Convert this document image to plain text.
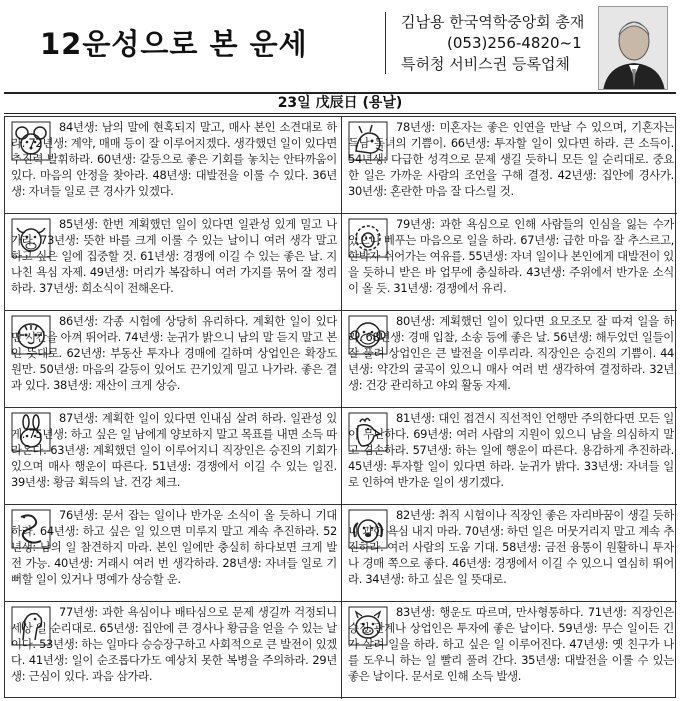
12운성으로 본 운세
김남용 한국역학중앙회 총재
(053)256-4820~1
특허청 서비스권 등록업체
23일 戊辰日 (용날)
84년생: 남의 말에 현혹되지 말고, 매사 본인 소견대로 하라. 72년생: 계약, 매매 등이 잘 이루어지겠다. 생각했던 일이 있다면 추진력 발휘하라. 60년생: 갈등으로 좋은 기회를 놓치는 안타까움이 있다. 마음의 안정을 찾아라. 48년생: 대발전을 이룰 수 있다. 36년생: 자녀들 일로 큰 경사가 있겠다.
78년생: 미혼자는 좋은 인연을 만날 수 있으며, 기혼자는 득남 득녀의 기쁨이. 66년생: 투자할 일이 있다면 하라. 큰 소득이. 54년생: 다급한 성격으로 문제 생길 듯하니 모든 일 순리대로. 중요한 일은 가까운 사람의 조언을 구해 결정. 42년생: 집안에 경사가. 30년생: 혼란한 마음 잘 다스릴 것.
85년생: 한번 계획했던 일이 있다면 일관성 있게 밀고 나가라. 73년생: 뜻한 바를 크게 이룰 수 있는 날이니 여러 생각 말고 하고 싶은 일에 집중할 것. 61년생: 경쟁에 이길 수 있는 좋은 날. 지나친 욕심 자제. 49년생: 머리가 복잡하니 여러 가지를 묶어 잘 정리하라. 37년생: 희소식이 전해온다.
79년생: 과한 욕심으로 인해 사람들의 인심을 잃는 수가 있으니 베푸는 마음으로 일을 하라. 67년생: 급한 마음 잘 추스르고, 한박자 쉬어가는 여유를. 55년생: 자녀 일이나 본인에게 대발전이 있을 듯하니 받은 바 업무에 충실하라. 43년생: 주위에서 반가운 소식이 올 듯. 31년생: 경쟁에서 유리.
86년생: 각종 시험에 상당히 유리하다. 계획한 일이 있다면 시간을 아껴 뛰어라. 74년생: 눈귀가 밝으니 남의 말 듣지 말고 본인 뜻대로. 62년생: 부동산 투자나 경매에 길하며 상업인은 확장도 원만. 50년생: 마음의 갈등이 있어도 끈기있게 밀고 나가라. 좋은 결과 있다. 38년생: 재산이 크게 상승.
80년생: 계획했던 일이 있다면 요모조모 잘 따져 일을 하라. 68년생: 경매 입찰, 소송 등에 좋은 날. 56년생: 해두었던 일들이 잘 풀려 상업인은 큰 발전을 이루리라. 직장인은 승진의 기쁨이. 44년생: 약간의 굴곡이 있으니 매사 여러 번 생각하여 결정하라. 32년생: 건강 관리하고 야외 활동 자제.
87년생: 계획한 일이 있다면 인내심 살려 하라. 일관성 있게. 75년생: 하고 싶은 일 남에게 양보하지 말고 목표를 내면 소득 따라온다. 63년생: 계획했던 일이 이루어지니 직장인은 승진의 기회가 있으며 매사 행운이 따른다. 51년생: 경쟁에서 이길 수 있는 일진. 39년생: 황금 획득의 날. 건강 체크.
81년생: 대인 접견시 직선적인 언행만 주의한다면 모든 일이 무난하다. 69년생: 여러 사람의 지원이 있으니 남을 의심하지 말고 겸손하라. 57년생: 하는 일에 행운이 따른다. 용감하게 추진하라. 45년생: 투자할 일이 있다면 하라. 눈귀가 밝다. 33년생: 자녀들 일로 인하여 반가운 일이 생기겠다.
76년생: 문서 잡는 일이나 반가운 소식이 올 듯하니 기대하라. 64년생: 하고 싶은 일 있으면 미루지 말고 계속 추진하라. 52년생: 남의 일 참견하지 마라. 본인 일에만 충실히 하다보면 크게 발전 가능. 40년생: 거래시 여러 번 생각하라. 28년생: 자녀들 일로 기뻐할 일이 있거나 명예가 상승할 운.
82년생: 취직 시험이나 직장인 좋은 자리바꿈이 생길 듯하니 과한 욕심 내지 마라. 70년생: 하던 일은 머뭇거리지 말고 계속 추진하라. 여러 사람의 도움 기대. 58년생: 금전 융통이 원활하니 투자나 경매 쪽으로 좋다. 46년생: 경쟁에서 이길 수 있으니 열심히 뛰어라. 34년생: 하고 싶은 일 뜻대로.
77년생: 과한 욕심이나 배타심으로 문제 생길까 걱정되니 세상 일 순리대로. 65년생: 집안에 큰 경사나 황금을 얻을 수 있는 날이다. 53년생: 하는 일마다 승승장구하고 사회적으로 큰 발전이 있겠다. 41년생: 일이 순조롭다가도 예상치 못한 복병을 주의하라. 29년생: 근심이 있다. 과음 삼가라.
83년생: 행운도 따르며, 만사형통하다. 71년생: 직장인은 승진 관계나 상업인은 투자에 좋은 날이다. 59년생: 무슨 일이든 긴가 살려 일을 하라. 하고 싶은 일 이루어진다. 47년생: 옛 친구가 나를 도우니 하는 일 빨리 풀려 간다. 35년생: 대발전을 이룰 수 있는 좋은 날이다. 문서로 인해 소득 발생.
